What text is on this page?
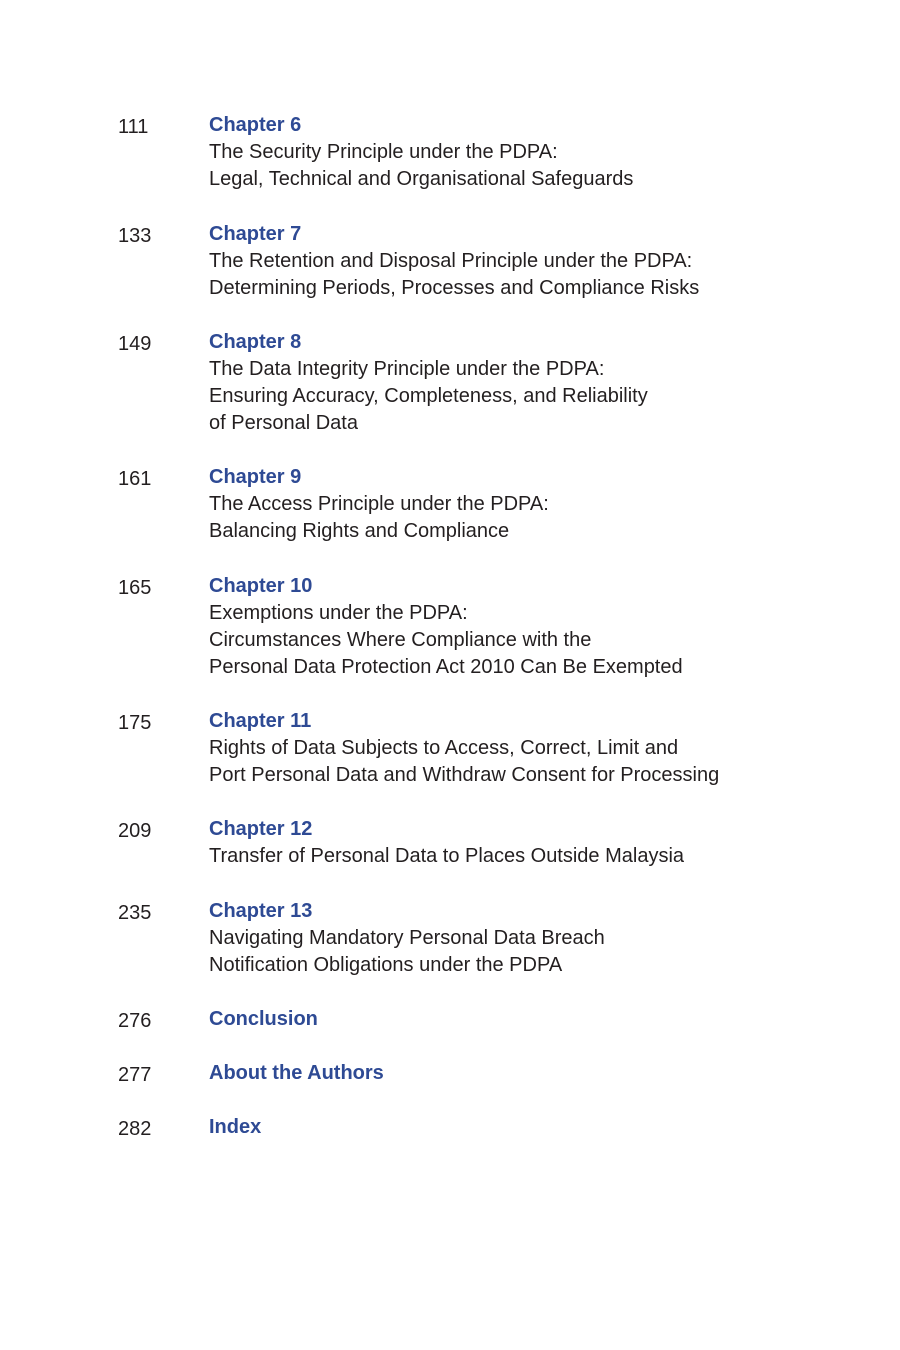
111	Chapter 6
The Security Principle under the PDPA:
Legal, Technical and Organisational Safeguards
133	Chapter 7
The Retention and Disposal Principle under the PDPA:
Determining Periods, Processes and Compliance Risks
149	Chapter 8
The Data Integrity Principle under the PDPA:
Ensuring Accuracy, Completeness, and Reliability
of Personal Data
161	Chapter 9
The Access Principle under the PDPA:
Balancing Rights and Compliance
165	Chapter 10
Exemptions under the PDPA:
Circumstances Where Compliance with the
Personal Data Protection Act 2010 Can Be Exempted
175	Chapter 11
Rights of Data Subjects to Access, Correct, Limit and
Port Personal Data and Withdraw Consent for Processing
209	Chapter 12
Transfer of Personal Data to Places Outside Malaysia
235	Chapter 13
Navigating Mandatory Personal Data Breach
Notification Obligations under the PDPA
276	Conclusion
277	About the Authors
282	Index
